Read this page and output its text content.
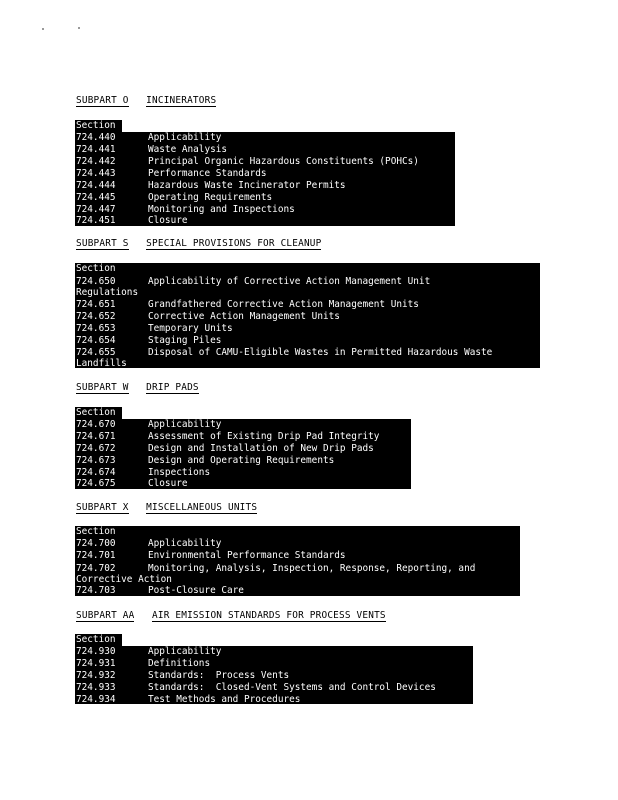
SUBPART O INCINERATORS
Section
724.440	Applicability
724.441	Waste Analysis
724.442	Principal Organic Hazardous Constituents (POHCs)
724.443	Performance Standards
724.444	Hazardous Waste Incinerator Permits
724.445	Operating Requirements
724.447	Monitoring and Inspections
724.451	Closure
SUBPART S SPECIAL PROVISIONS FOR CLEANUP
Section
724.650	Applicability of Corrective Action Management Unit
Regulations
724.651	Grandfathered Corrective Action Management Units
724.652	Corrective Action Management Units
724.653	Temporary Units
724.654	Staging Piles
724.655	Disposal of CAMU-Eligible Wastes in Permitted Hazardous Waste
Landfills
SUBPART W DRIP PADS
Section
724.670	Applicability
724.671	Assessment of Existing Drip Pad Integrity
724.672	Design and Installation of New Drip Pads
724.673	Design and Operating Requirements
724.674	Inspections
724.675	Closure
SUBPART X MISCELLANEOUS UNITS
Section
724.700	Applicability
724.701	Environmental Performance Standards
724.702	Monitoring, Analysis, Inspection, Response, Reporting, and
Corrective Action
724.703	Post-Closure Care
SUBPART AA AIR EMISSION STANDARDS FOR PROCESS VENTS
Section
724.930	Applicability
724.931	Definitions
724.932	Standards:  Process Vents
724.933	Standards:  Closed-Vent Systems and Control Devices
724.934	Test Methods and Procedures
